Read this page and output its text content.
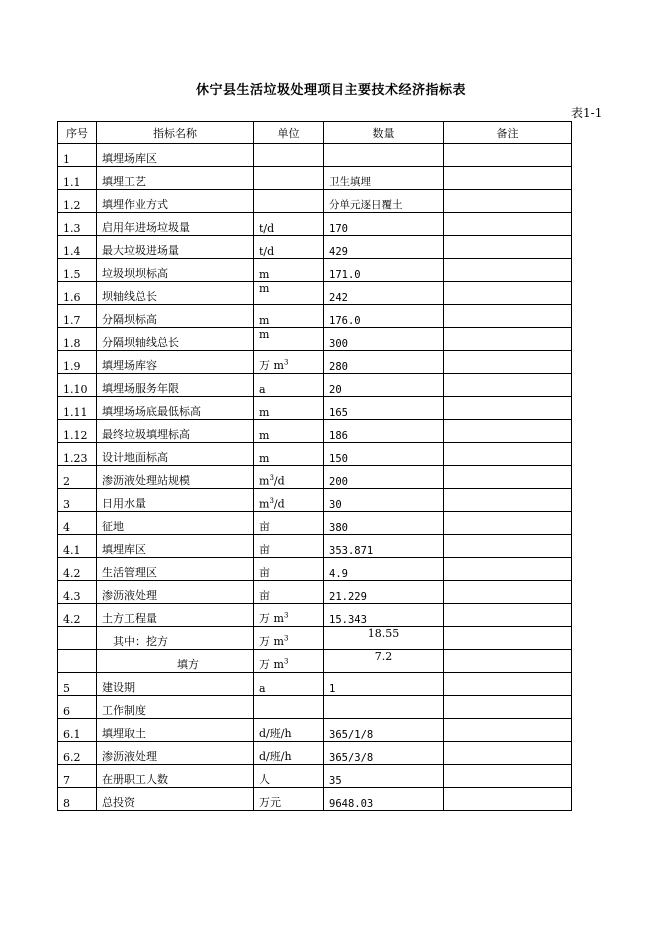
休宁县生活垃圾处理项目主要技术经济指标表
表1-1
序号	指标名称	单位	数量	备注
1	填埋场库区			
1.1	填埋工艺		卫生填埋	
1.2	填埋作业方式		分单元逐日覆土	
1.3	启用年进场垃圾量	t/d	170	
1.4	最大垃圾进场量	t/d	429	
1.5	垃圾坝坝标高	m	171.0	
1.6	坝轴线总长	m	242	
1.7	分隔坝标高	m	176.0	
1.8	分隔坝轴线总长	m	300	
1.9	填埋场库容	万 $m^3$	280	
1.10	填埋场服务年限	a	20	
1.11	填埋场场底最低标高	m	165	
1.12	最终垃圾填埋标高	m	186	
1.23	设计地面标高	m	150	
2	渗沥液处理站规模	$m^3/d$	200	
3	日用水量	$m^3/d$	30	
4	征地	亩	380	
4.1	填埋库区	亩	353.871	
4.2	生活管理区	亩	4.9	
4.3	渗沥液处理	亩	21.229	
4.2	土方工程量	万 $m^3$	15.343	
	其中：挖方	万 $m^3$	18.55	
	填方	万 $m^3$	7.2	
5	建设期	a	1	
6	工作制度			
6.1	填埋取土	d/班/h	365/1/8	
6.2	渗沥液处理	d/班/h	365/3/8	
7	在册职工人数	人	35	
8	总投资	万元	9648.03	
